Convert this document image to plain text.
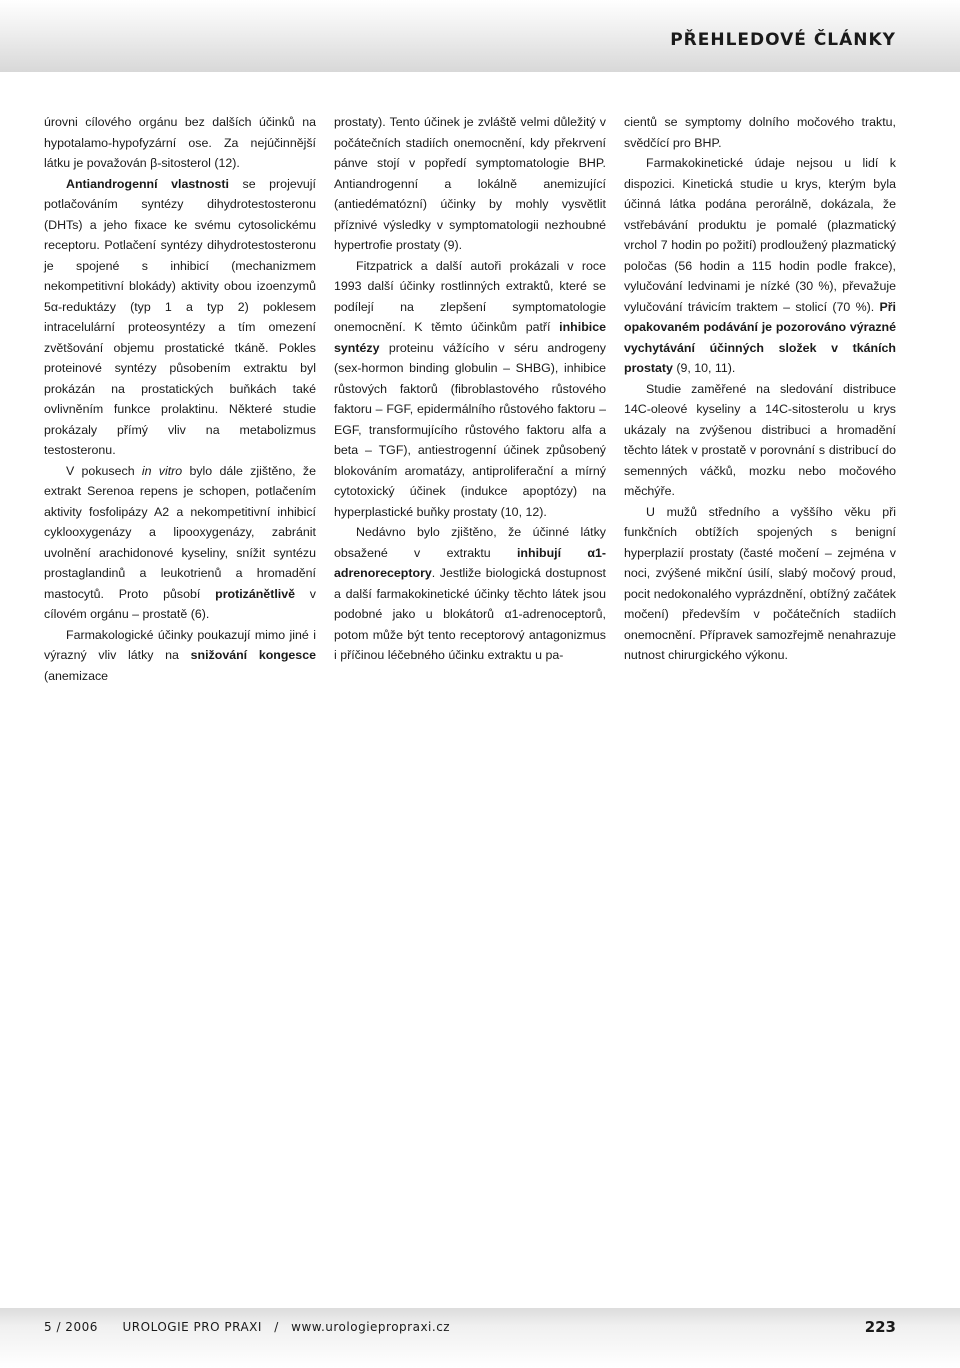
PŘEHLEDOVÉ ČLÁNKY

úrovni cílového orgánu bez dalších účinků na hypotalamo-hypofyzární ose. Za nejúčinnější látku je považován β-sitosterol (12).

Antiandrogenní vlastnosti se projevují potlačováním syntézy dihydrotestosteronu (DHTs) a jeho fixace ke svému cytosolickému receptoru. Potlačení syntézy dihydrotestosteronu je spojené s inhibicí (mechanizmem nekompetitivní blokády) aktivity obou izoenzymů 5α-reduktázy (typ 1 a typ 2) poklesem intracelulární proteosyntézy a tím omezení zvětšování objemu prostatické tkáně. Pokles proteinové syntézy působením extraktu byl prokázán na prostatických buňkách také ovlivněním funkce prolaktinu. Některé studie prokázaly přímý vliv na metabolizmus testosteronu.

V pokusech in vitro bylo dále zjištěno, že extrakt Serenoa repens je schopen, potlačením aktivity fosfolipázy A2 a nekompetitivní inhibicí cyklooxygenázy a lipooxygenázy, zabránit uvolnění arachidonové kyseliny, snížit syntézu prostaglandinů a leukotrienů a hromadění mastocytů. Proto působí protizánětlivě v cílovém orgánu – prostatě (6).

Farmakologické účinky poukazují mimo jiné i výrazný vliv látky na snižování kongesce (anemizace

prostaty). Tento účinek je zvláště velmi důležitý v počátečních stadiích onemocnění, kdy překrvení pánve stojí v popředí symptomatologie BHP. Antiandrogenní a lokálně anemizující (antiedématózní) účinky by mohly vysvětlit příznivé výsledky v symptomatologii nezhoubné hypertrofie prostaty (9).

Fitzpatrick a další autoři prokázali v roce 1993 další účinky rostlinných extraktů, které se podílejí na zlepšení symptomatologie onemocnění. K těmto účinkům patří inhibice syntézy proteinu vážícího v séru androgeny (sex-hormon binding globulin – SHBG), inhibice růstových faktorů (fibroblastového růstového faktoru – FGF, epidermálního růstového faktoru – EGF, transformujícího růstového faktoru alfa a beta – TGF), antiestrogenní účinek způsobený blokováním aromatázy, antiproliferační a mírný cytotoxický účinek (indukce apoptózy) na hyperplastické buňky prostaty (10, 12).

Nedávno bylo zjištěno, že účinné látky obsažené v extraktu inhibují α1-adrenoreceptory. Jestliže biologická dostupnost a další farmakokinetické účinky těchto látek jsou podobné jako u blokátorů α1-adrenoceptorů, potom může být tento receptorový antagonizmus i příčinou léčebného účinku extraktu u pa-

cientů se symptomy dolního močového traktu, svědčící pro BHP.

Farmakokinetické údaje nejsou u lidí k dispozici. Kinetická studie u krys, kterým byla účinná látka podána perorálně, dokázala, že vstřebávání produktu je pomalé (plazmatický vrchol 7 hodin po požití) prodloužený plazmatický poločas (56 hodin a 115 hodin podle frakce), vylučování ledvinami je nízké (30 %), převažuje vylučování trávicím traktem – stolicí (70 %). Při opakovaném podávání je pozorováno výrazné vychytávání účinných složek v tkáních prostaty (9, 10, 11).

Studie zaměřené na sledování distribuce 14C-oleové kyseliny a 14C-sitosterolu u krys ukázaly na zvýšenou distribuci a hromadění těchto látek v prostatě v porovnání s distribucí do semenných váčků, mozku nebo močového měchýře.

U mužů středního a vyššího věku při funkčních obtížích spojených s benigní hyperplazií prostaty (časté močení – zejména v noci, zvýšené mikční úsilí, slabý močový proud, pocit nedokonalého vyprázdnění, obtížný začátek močení) především v počátečních stadiích onemocnění. Přípravek samozřejmě nenahrazuje nutnost chirurgického výkonu.

5 / 2006 UROLOGIE PRO PRAXI / www.urologiepropraxi.cz	223
